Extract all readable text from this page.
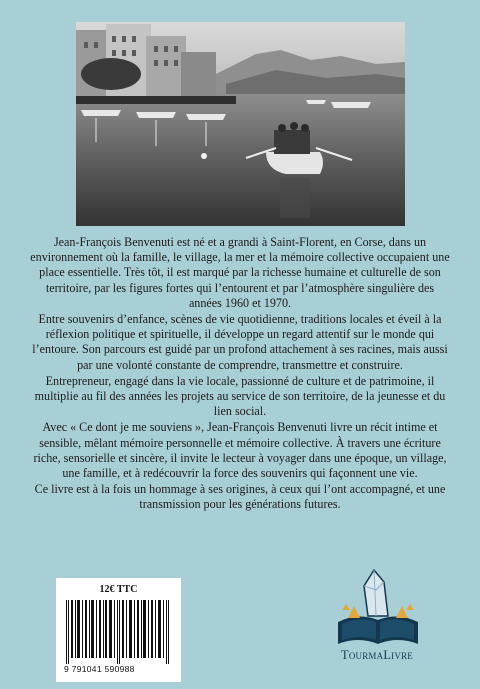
Jean-François Benvenuti est né et a grandi à Saint-Florent, en Corse, dans un environnement où la famille, le village, la mer et la mémoire collective occupaient une place essentielle. Très tôt, il est marqué par la richesse humaine et culturelle de son territoire, par les figures fortes qui l’entourent et par l’atmosphère singulière des années 1960 et 1970.

Entre souvenirs d’enfance, scènes de vie quotidienne, traditions locales et éveil à la réflexion politique et spirituelle, il développe un regard attentif sur le monde qui l’entoure. Son parcours est guidé par un profond attachement à ses racines, mais aussi par une volonté constante de comprendre, transmettre et construire.

Entrepreneur, engagé dans la vie locale, passionné de culture et de patrimoine, il multiplie au fil des années les projets au service de son territoire, de la jeunesse et du lien social.

Avec « Ce dont je me souviens », Jean-François Benvenuti livre un récit intime et sensible, mêlant mémoire personnelle et mémoire collective. À travers une écriture riche, sensorielle et sincère, il invite le lecteur à voyager dans une époque, un village, une famille, et à redécouvrir la force des souvenirs qui façonnent une vie.

Ce livre est à la fois un hommage à ses origines, à ceux qui l’ont accompagné, et une transmission pour les générations futures.

12€ TTC
9 791041 590988
TourmaLivre
